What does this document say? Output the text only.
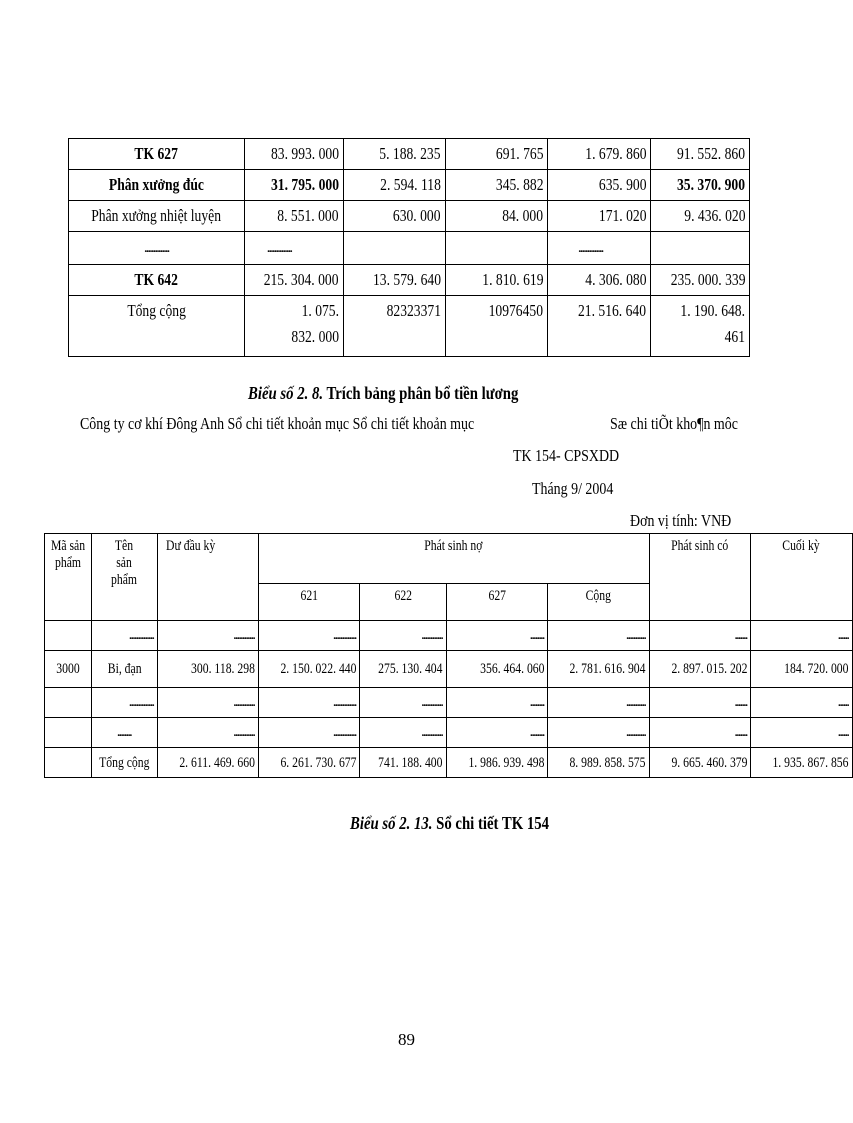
TK 627	83. 993. 000	5. 188. 235	691. 765	1. 679. 860	91. 552. 860
Phân xưởng đúc	31. 795. 000	2. 594. 118	345. 882	635. 900	35. 370. 900
Phân xưởng nhiệt luyện	8. 551. 000	630. 000	84. 000	171. 020	9. 436. 020
..............	..............			..............	
TK 642	215. 304. 000	13. 579. 640	1. 810. 619	4. 306. 080	235. 000. 339
Tổng cộng	1. 075. 832. 000	82323371	10976450	21. 516. 640	1. 190. 648. 461
Biểu số 2. 8. Trích bảng phân bổ tiền lương
Công ty cơ khí Đông Anh Sổ chi tiết khoản mục Sổ chi tiết khoản mục	Sæ chi tiÕt kho¶n môc
TK 154- CPSXDD
Tháng 9/ 2004
Đơn vị tính: VNĐ
Mã sản phẩm	Tên sản phẩm	Dư đầu kỳ	Phát sinh nợ				Phát sinh có	Cuối kỳ
			621	622	627	Cộng		
	..............	............	.............	............	........	...........	.......	......
3000	Bi, đạn	300. 118. 298	2. 150. 022. 440	275. 130. 404	356. 464. 060	2. 781. 616. 904	2. 897. 015. 202	184. 720. 000
	..............	............	.............	............	........	...........	.......	......
	........	............	.............	............	........	...........	.......	......
	Tổng cộng	2. 611. 469. 660	6. 261. 730. 677	741. 188. 400	1. 986. 939. 498	8. 989. 858. 575	9. 665. 460. 379	1. 935. 867. 856
Biểu số 2. 13. Sổ chi tiết TK 154
89
